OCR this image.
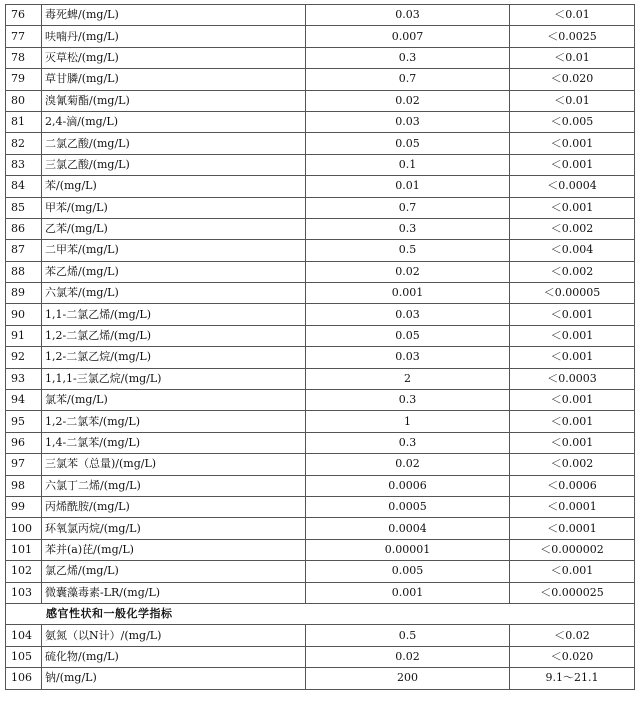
76	毒死蜱/(mg/L)	0.03	＜0.01
77	呋喃丹/(mg/L)	0.007	＜0.0025
78	灭草松/(mg/L)	0.3	＜0.01
79	草甘膦/(mg/L)	0.7	＜0.020
80	溴氰菊酯/(mg/L)	0.02	＜0.01
81	2,4-滴/(mg/L)	0.03	＜0.005
82	二氯乙酸/(mg/L)	0.05	＜0.001
83	三氯乙酸/(mg/L)	0.1	＜0.001
84	苯/(mg/L)	0.01	＜0.0004
85	甲苯/(mg/L)	0.7	＜0.001
86	乙苯/(mg/L)	0.3	＜0.002
87	二甲苯/(mg/L)	0.5	＜0.004
88	苯乙烯/(mg/L)	0.02	＜0.002
89	六氯苯/(mg/L)	0.001	＜0.00005
90	1,1-二氯乙烯/(mg/L)	0.03	＜0.001
91	1,2-二氯乙烯/(mg/L)	0.05	＜0.001
92	1,2-二氯乙烷/(mg/L)	0.03	＜0.001
93	1,1,1-三氯乙烷/(mg/L)	2	＜0.0003
94	氯苯/(mg/L)	0.3	＜0.001
95	1,2-二氯苯/(mg/L)	1	＜0.001
96	1,4-二氯苯/(mg/L)	0.3	＜0.001
97	三氯苯（总量)/(mg/L)	0.02	＜0.002
98	六氯丁二烯/(mg/L)	0.0006	＜0.0006
99	丙烯酰胺/(mg/L)	0.0005	＜0.0001
100	环氧氯丙烷/(mg/L)	0.0004	＜0.0001
101	苯并(a)芘/(mg/L)	0.00001	＜0.000002
102	氯乙烯/(mg/L)	0.005	＜0.001
103	微囊藻毒素-LR/(mg/L)	0.001	＜0.000025
感官性状和一般化学指标			
104	氨氮（以N计）/(mg/L)	0.5	＜0.02
105	硫化物/(mg/L)	0.02	＜0.020
106	钠/(mg/L)	200	9.1～21.1
